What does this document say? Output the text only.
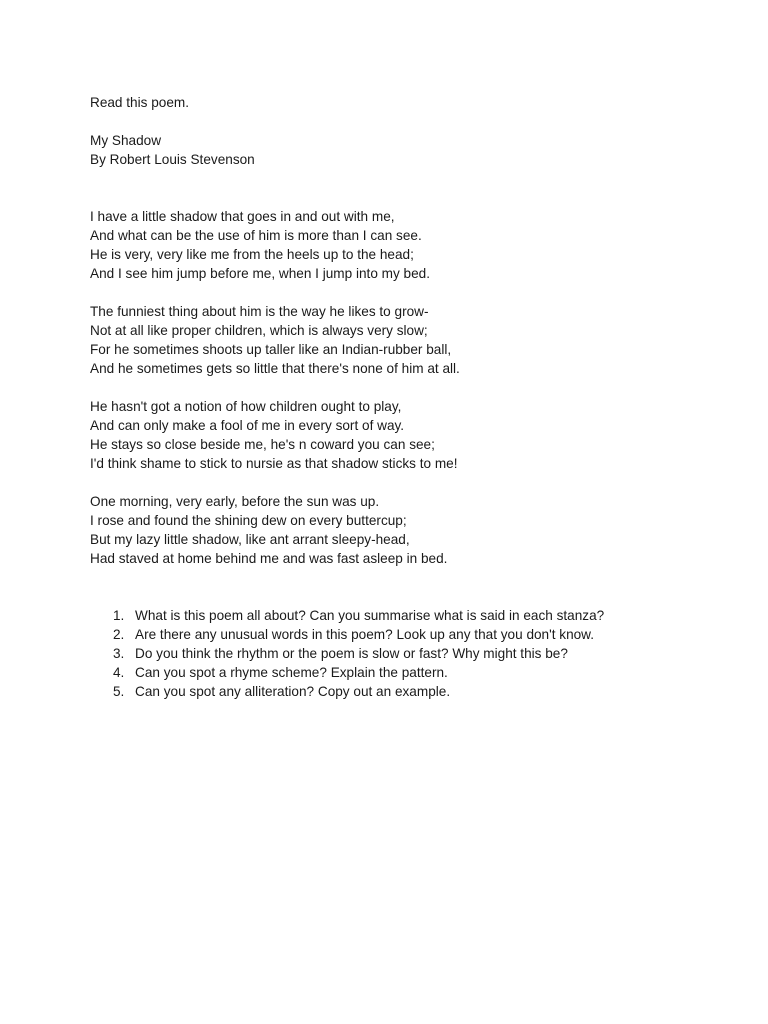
Read this poem.
My Shadow
By Robert Louis Stevenson
I have a little shadow that goes in and out with me,
And what can be the use of him is more than I can see.
He is very, very like me from the heels up to the head;
And I see him jump before me, when I jump into my bed.
The funniest thing about him is the way he likes to grow-
Not at all like proper children, which is always very slow;
For he sometimes shoots up taller like an Indian-rubber ball,
And he sometimes gets so little that there's none of him at all.
He hasn't got a notion of how children ought to play,
And can only make a fool of me in every sort of way.
He stays so close beside me, he's n coward you can see;
I'd think shame to stick to nursie as that shadow sticks to me!
One morning, very early, before the sun was up.
I rose and found the shining dew on every buttercup;
But my lazy little shadow, like ant arrant sleepy-head,
Had staved at home behind me and was fast asleep in bed.
1. What is this poem all about? Can you summarise what is said in each stanza?
2. Are there any unusual words in this poem? Look up any that you don't know.
3. Do you think the rhythm or the poem is slow or fast? Why might this be?
4. Can you spot a rhyme scheme? Explain the pattern.
5. Can you spot any alliteration? Copy out an example.
